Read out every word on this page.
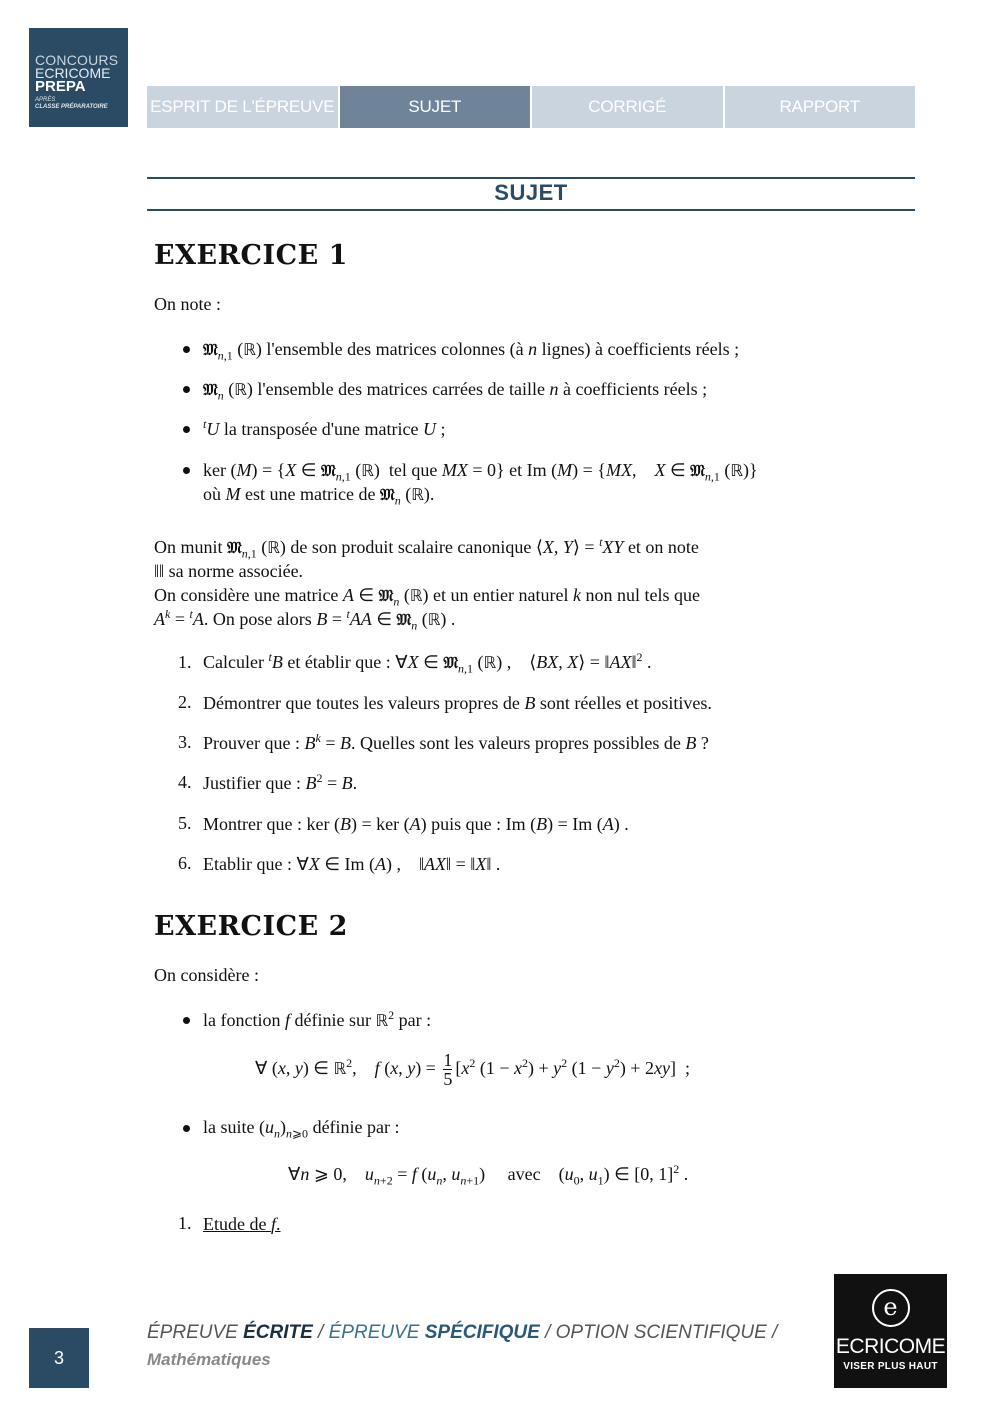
CONCOURS
ECRICOME
PREPA
APRÈS
CLASSE PRÉPARATOIRE	ESPRIT DE L'ÉPREUVE	SUJET	CORRIGÉ	RAPPORT
SUJET
EXERCICE 1
On note :
𝔐$_{n,1}$ (ℝ) l'ensemble des matrices colonnes (à n lignes) à coefficients réels ;
𝔐$_n$ (ℝ) l'ensemble des matrices carrées de taille n à coefficients réels ;
$^t$U la transposée d'une matrice U ;
ker (M) = {X ∈ 𝔐$_{n,1}$ (ℝ)  tel que MX = 0} et Im (M) = {MX,    X ∈ 𝔐$_{n,1}$ (ℝ)}
où M est une matrice de 𝔐$_n$ (ℝ).
On munit 𝔐$_{n,1}$ (ℝ) de son produit scalaire canonique ⟨X, Y⟩ = $^t$XY et on note
‖‖ sa norme associée.
On considère une matrice A ∈ 𝔐$_n$ (ℝ) et un entier naturel k non nul tels que
$A^k = ^tA$. On pose alors B = $^t$AA ∈ 𝔐$_n$ (ℝ) .
1. Calculer $^t$B et établir que : ∀X ∈ 𝔐$_{n,1}$ (ℝ) ,    ⟨BX, X⟩ = ‖AX‖$^2$ .
2. Démontrer que toutes les valeurs propres de B sont réelles et positives.
3. Prouver que : $B^k = B$. Quelles sont les valeurs propres possibles de B ?
4. Justifier que : $B^2 = B$.
5. Montrer que : ker (B) = ker (A) puis que : Im (B) = Im (A) .
6. Etablir que : ∀X ∈ Im (A) ,    ‖AX‖ = ‖X‖ .
EXERCICE 2
On considère :
la fonction f définie sur ℝ$^2$ par :
∀ (x, y) ∈ ℝ$^2$,    f (x, $y) = \frac{1}{5} [x^2$ $(1 - x^2) + y^2$ $(1 - y^2) + 2xy$]  ;
la suite $(u_n)_{n⩾0}$ définie par :
∀n ⩾ 0,    $u_{n+2} = f$ ($u_n$, $u_{n+1}$)     avec    ($u_0$, $u_1$) ∈ [0, 1]$^2$ .
1. Etude de f.
3
ÉPREUVE ÉCRITE / ÉPREUVE SPÉCIFIQUE / OPTION SCIENTIFIQUE /
Mathématiques
e
ECRICOME
VISER PLUS HAUT
